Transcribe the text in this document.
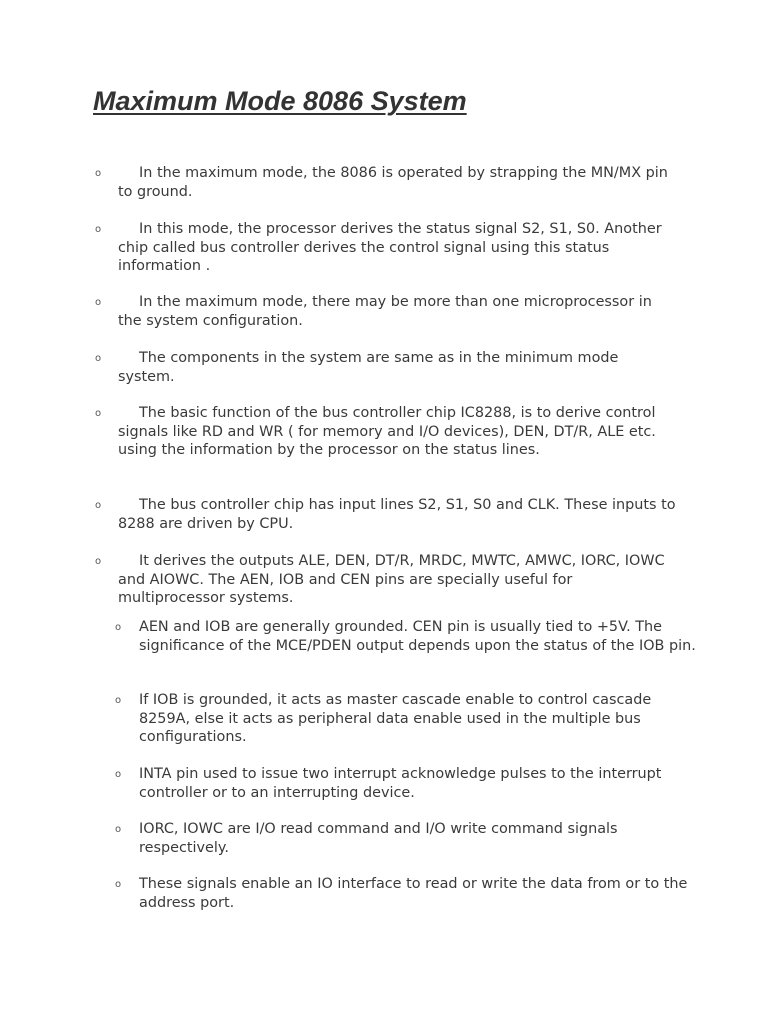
Maximum Mode 8086 System
o	In the maximum mode, the 8086 is operated by strapping the MN/MX pin to ground.
o	In this mode, the processor derives the status signal S2, S1, S0. Another chip called bus controller derives the control signal using this status information .
o	In the maximum mode, there may be more than one microprocessor in the system configuration.
o	The components in the system are same as in the minimum mode system.
o	The basic function of the bus controller chip IC8288, is to derive control signals like RD and WR ( for memory and I/O devices), DEN, DT/R, ALE etc. using the information by the processor on the status lines.
o	The bus controller chip has input lines S2, S1, S0 and CLK. These inputs to 8288 are driven by CPU.
o	It derives the outputs ALE, DEN, DT/R, MRDC, MWTC, AMWC, IORC, IOWC and AIOWC. The AEN, IOB and CEN pins are specially useful for multiprocessor systems.
o AEN and IOB are generally grounded. CEN pin is usually tied to +5V. The significance of the MCE/PDEN output depends upon the status of the IOB pin.
o If IOB is grounded, it acts as master cascade enable to control cascade 8259A, else it acts as peripheral data enable used in the multiple bus configurations.
o INTA pin used to issue two interrupt acknowledge pulses to the interrupt controller or to an interrupting device.
o IORC, IOWC are I/O read command and I/O write command signals respectively.
o These signals enable an IO interface to read or write the data from or to the address port.
